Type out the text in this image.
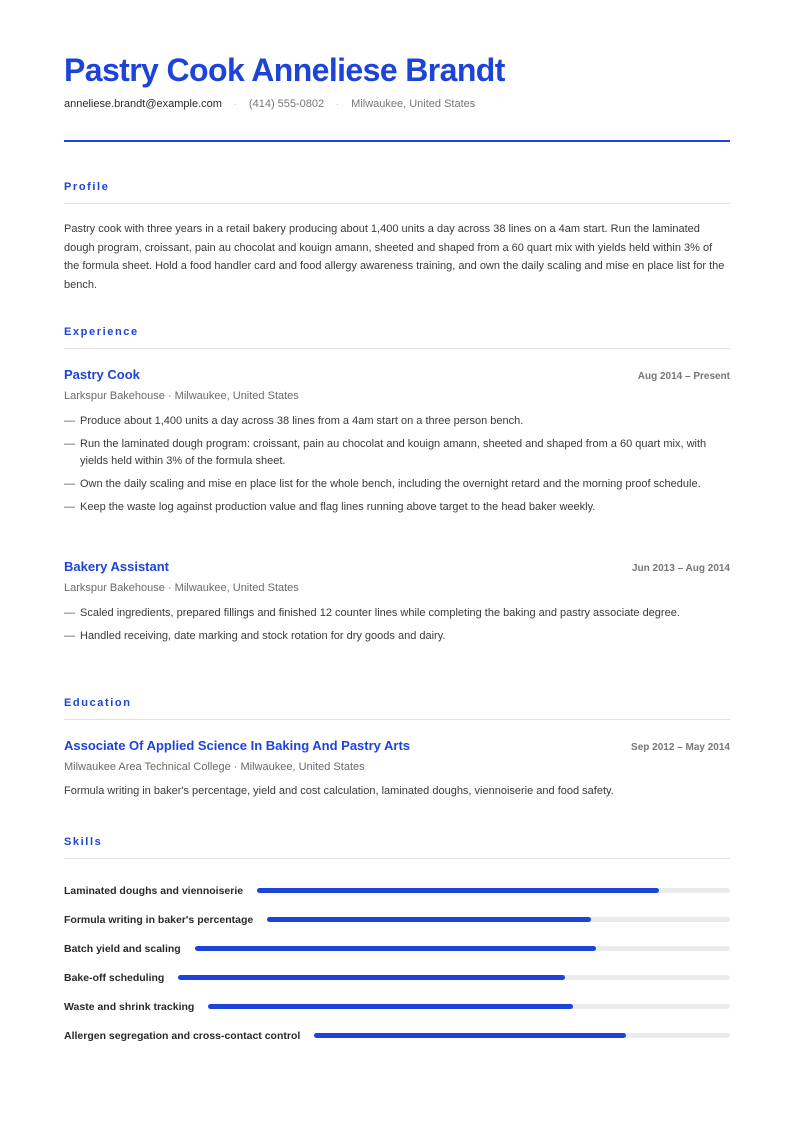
Pastry Cook Anneliese Brandt
anneliese.brandt@example.com · (414) 555-0802 · Milwaukee, United States
Profile

Pastry cook with three years in a retail bakery producing about 1,400 units a day across 38 lines on a 4am start. Run the laminated dough program, croissant, pain au chocolat and kouign amann, sheeted and shaped from a 60 quart mix with yields held within 3% of the formula sheet. Hold a food handler card and food allergy awareness training, and own the daily scaling and mise en place list for the bench.

Experience
Pastry Cook	Aug 2014 – Present
Larkspur Bakehouse · Milwaukee, United States
— Produce about 1,400 units a day across 38 lines from a 4am start on a three person bench.
— Run the laminated dough program: croissant, pain au chocolat and kouign amann, sheeted and shaped from a 60 quart mix, with yields held within 3% of the formula sheet.
— Own the daily scaling and mise en place list for the whole bench, including the overnight retard and the morning proof schedule.
— Keep the waste log against production value and flag lines running above target to the head baker weekly.
Bakery Assistant	Jun 2013 – Aug 2014
Larkspur Bakehouse · Milwaukee, United States
— Scaled ingredients, prepared fillings and finished 12 counter lines while completing the baking and pastry associate degree.
— Handled receiving, date marking and stock rotation for dry goods and dairy.
Education
Associate Of Applied Science In Baking And Pastry Arts	Sep 2012 – May 2014
Milwaukee Area Technical College · Milwaukee, United States

Formula writing in baker's percentage, yield and cost calculation, laminated doughs, viennoiserie and food safety.

Skills
Laminated doughs and viennoiserie
Formula writing in baker's percentage
Batch yield and scaling
Bake-off scheduling
Waste and shrink tracking
Allergen segregation and cross-contact control
